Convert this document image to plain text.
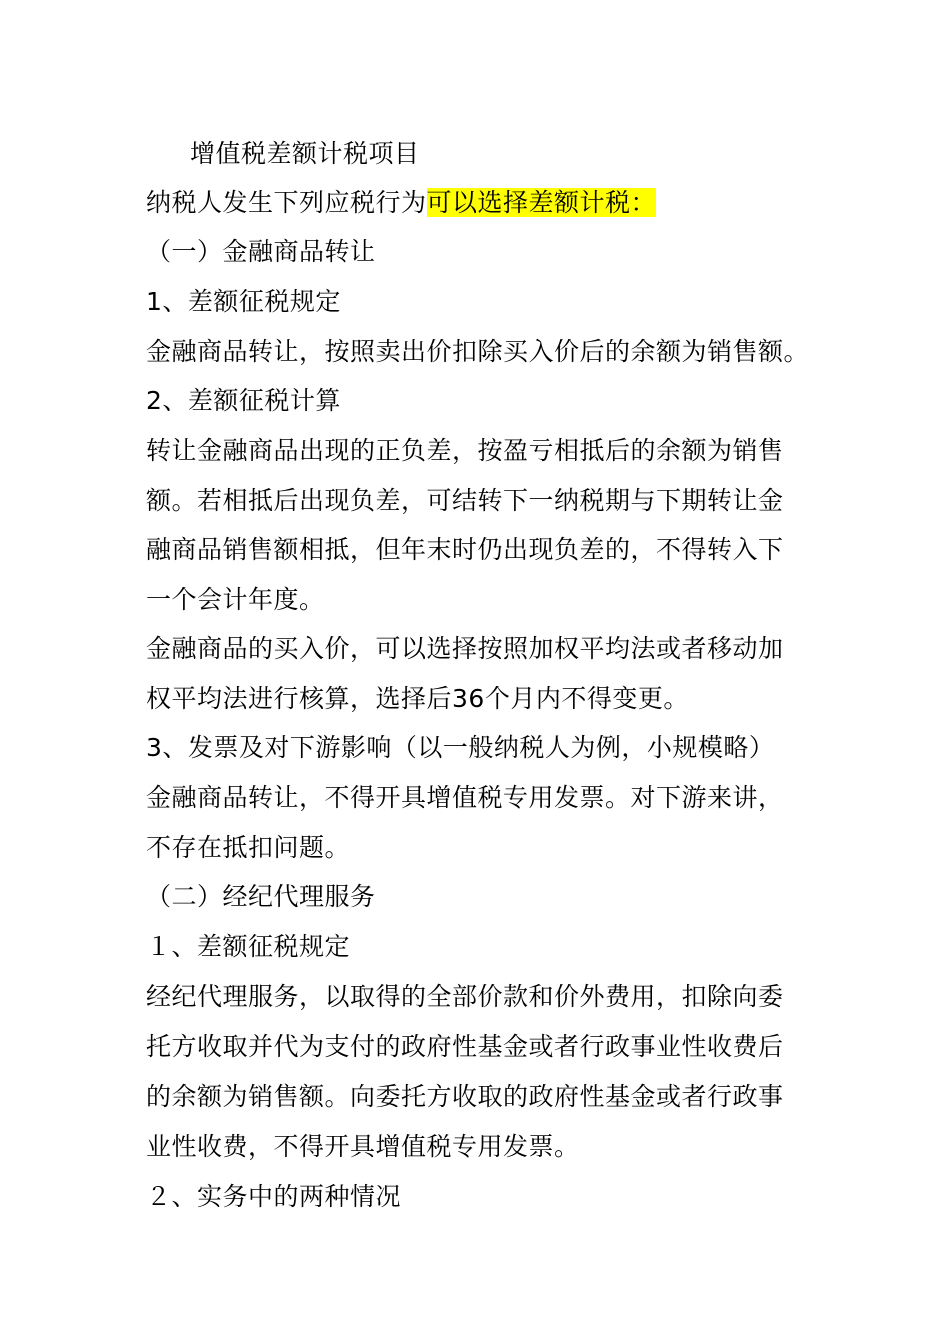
增值税差额计税项目
纳税人发生下列应税行为可以选择差额计税：
（一）金融商品转让
1、差额征税规定
金融商品转让，按照卖出价扣除买入价后的余额为销售额。
2、差额征税计算
转让金融商品出现的正负差，按盈亏相抵后的余额为销售
额。若相抵后出现负差，可结转下一纳税期与下期转让金
融商品销售额相抵，但年末时仍出现负差的，不得转入下
一个会计年度。
金融商品的买入价，可以选择按照加权平均法或者移动加
权平均法进行核算，选择后36个月内不得变更。
3、发票及对下游影响（以一般纳税人为例，小规模略）
金融商品转让，不得开具增值税专用发票。对下游来讲，
不存在抵扣问题。
（二）经纪代理服务
１、差额征税规定
经纪代理服务，以取得的全部价款和价外费用，扣除向委
托方收取并代为支付的政府性基金或者行政事业性收费后
的余额为销售额。向委托方收取的政府性基金或者行政事
业性收费，不得开具增值税专用发票。
２、实务中的两种情况
